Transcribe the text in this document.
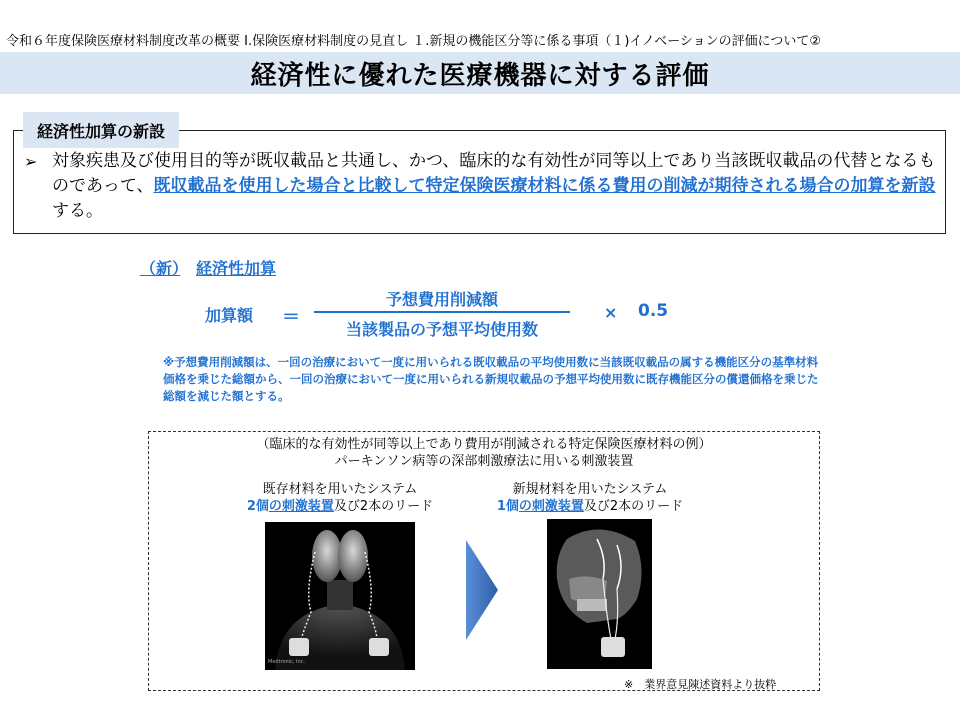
令和６年度保険医療材料制度改革の概要 Ⅰ.保険医療材料制度の見直し １.新規の機能区分等に係る事項（１)イノベーションの評価について②
経済性に優れた医療機器に対する評価
経済性加算の新設
➢ 対象疾患及び使用目的等が既収載品と共通し、かつ、臨床的な有効性が同等以上であり当該既収載品の代替となるものであって、既収載品を使用した場合と比較して特定保険医療材料に係る費用の削減が期待される場合の加算を新設する。
（新）　 経済性加算
加算額 ＝
予想費用削減額
当該製品の予想平均使用数
× 0.5
※予想費用削減額は、一回の治療において一度に用いられる既収載品の平均使用数に当該既収載品の属する機能区分の基準材料価格を乗じた総額から、一回の治療において一度に用いられる新規収載品の予想平均使用数に既存機能区分の償還価格を乗じた総額を減じた額とする。
（臨床的な有効性が同等以上であり費用が削減される特定保険医療材料の例）
パーキンソン病等の深部刺激療法に用いる刺激装置
既存材料を用いたシステム
2個の刺激装置及び2本のリード
新規材料を用いたシステム
1個の刺激装置及び2本のリード
Medtronic, Inc.
※　業界意見陳述資料より抜粋
